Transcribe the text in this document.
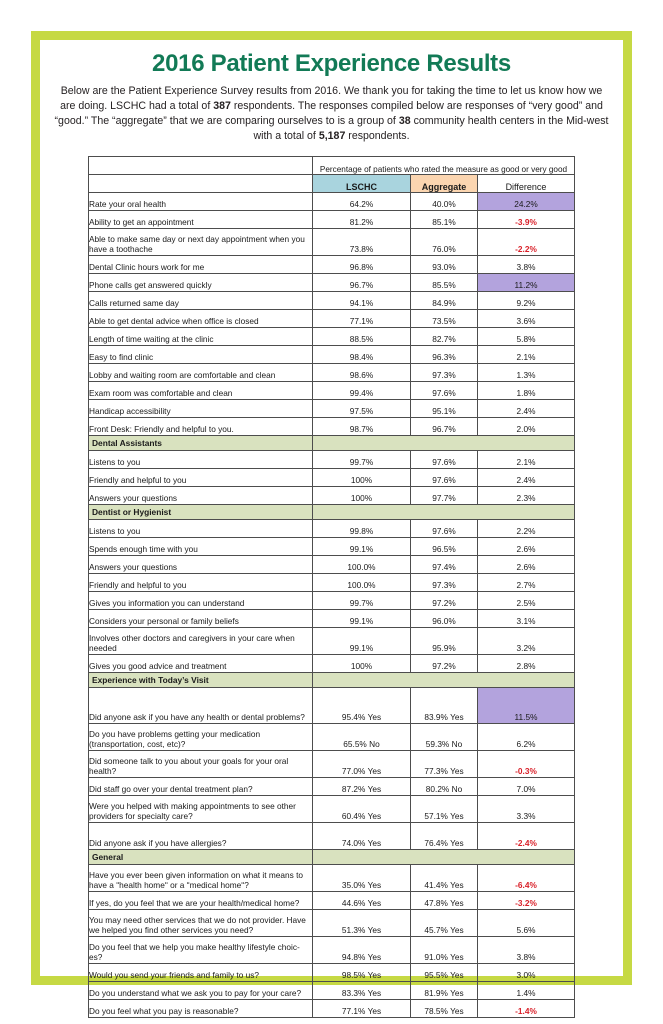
2016 Patient Experience Results
Below are the Patient Experience Survey results from 2016. We thank you for taking the time to let us know how we are doing. LSCHC had a total of 387 respondents. The responses compiled below are responses of “very good” and “good.” The “aggregate” that we are comparing ourselves to is a group of 38 community health centers in the Mid-west with a total of 5,187 respondents.
	Percentage of patients who rated the measure as good or very good		
	LSCHC	Aggregate	Difference
Rate your oral health	64.2%	40.0%	24.2%
Ability to get an appointment	81.2%	85.1%	-3.9%
Able to make same day or next day appointment when you have a toothache	73.8%	76.0%	-2.2%
Dental Clinic hours work for me	96.8%	93.0%	3.8%
Phone calls get answered quickly	96.7%	85.5%	11.2%
Calls returned same day	94.1%	84.9%	9.2%
Able to get dental advice when office is closed	77.1%	73.5%	3.6%
Length of time waiting at the clinic	88.5%	82.7%	5.8%
Easy to find clinic	98.4%	96.3%	2.1%
Lobby and waiting room are comfortable and clean	98.6%	97.3%	1.3%
Exam room was comfortable and clean	99.4%	97.6%	1.8%
Handicap accessibility	97.5%	95.1%	2.4%
Front Desk: Friendly and helpful to you.	98.7%	96.7%	2.0%
Dental Assistants			
Listens to you	99.7%	97.6%	2.1%
Friendly and helpful to you	100%	97.6%	2.4%
Answers your questions	100%	97.7%	2.3%
Dentist or Hygienist			
Listens to you	99.8%	97.6%	2.2%
Spends enough time with you	99.1%	96.5%	2.6%
Answers your questions	100.0%	97.4%	2.6%
Friendly and helpful to you	100.0%	97.3%	2.7%
Gives you information you can understand	99.7%	97.2%	2.5%
Considers your personal or family beliefs	99.1%	96.0%	3.1%
Involves other doctors and caregivers in your care when needed	99.1%	95.9%	3.2%
Gives you good advice and treatment	100%	97.2%	2.8%
Experience with Today’s Visit			
Did anyone ask if you have any health or dental problems?	95.4% Yes	83.9% Yes	11.5%
Do you have problems getting your medication (transportation, cost, etc)?	65.5% No	59.3% No	6.2%
Did someone talk to you about your goals for your oral health?	77.0% Yes	77.3% Yes	-0.3%
Did staff go over your dental treatment plan?	87.2% Yes	80.2% No	7.0%
Were you helped with making appointments to see other providers for specialty care?	60.4% Yes	57.1% Yes	3.3%
Did anyone ask if you have allergies?	74.0% Yes	76.4% Yes	-2.4%
General			
Have you ever been given information on what it means to have a ʺhealth homeʺ or a ʺmedical homeʺ?	35.0% Yes	41.4% Yes	-6.4%
If yes, do you feel that we are your health/medical home?	44.6% Yes	47.8% Yes	-3.2%
You may need other services that we do not provider. Have we helped you find other services you need?	51.3% Yes	45.7% Yes	5.6%
Do you feel that we help you make healthy lifestyle choic-es?	94.8% Yes	91.0% Yes	3.8%
Would you send your friends and family to us?	98.5% Yes	95.5% Yes	3.0%
Do you understand what we ask you to pay for your care?	83.3% Yes	81.9% Yes	1.4%
Do you feel what you pay is reasonable?	77.1% Yes	78.5% Yes	-1.4%
